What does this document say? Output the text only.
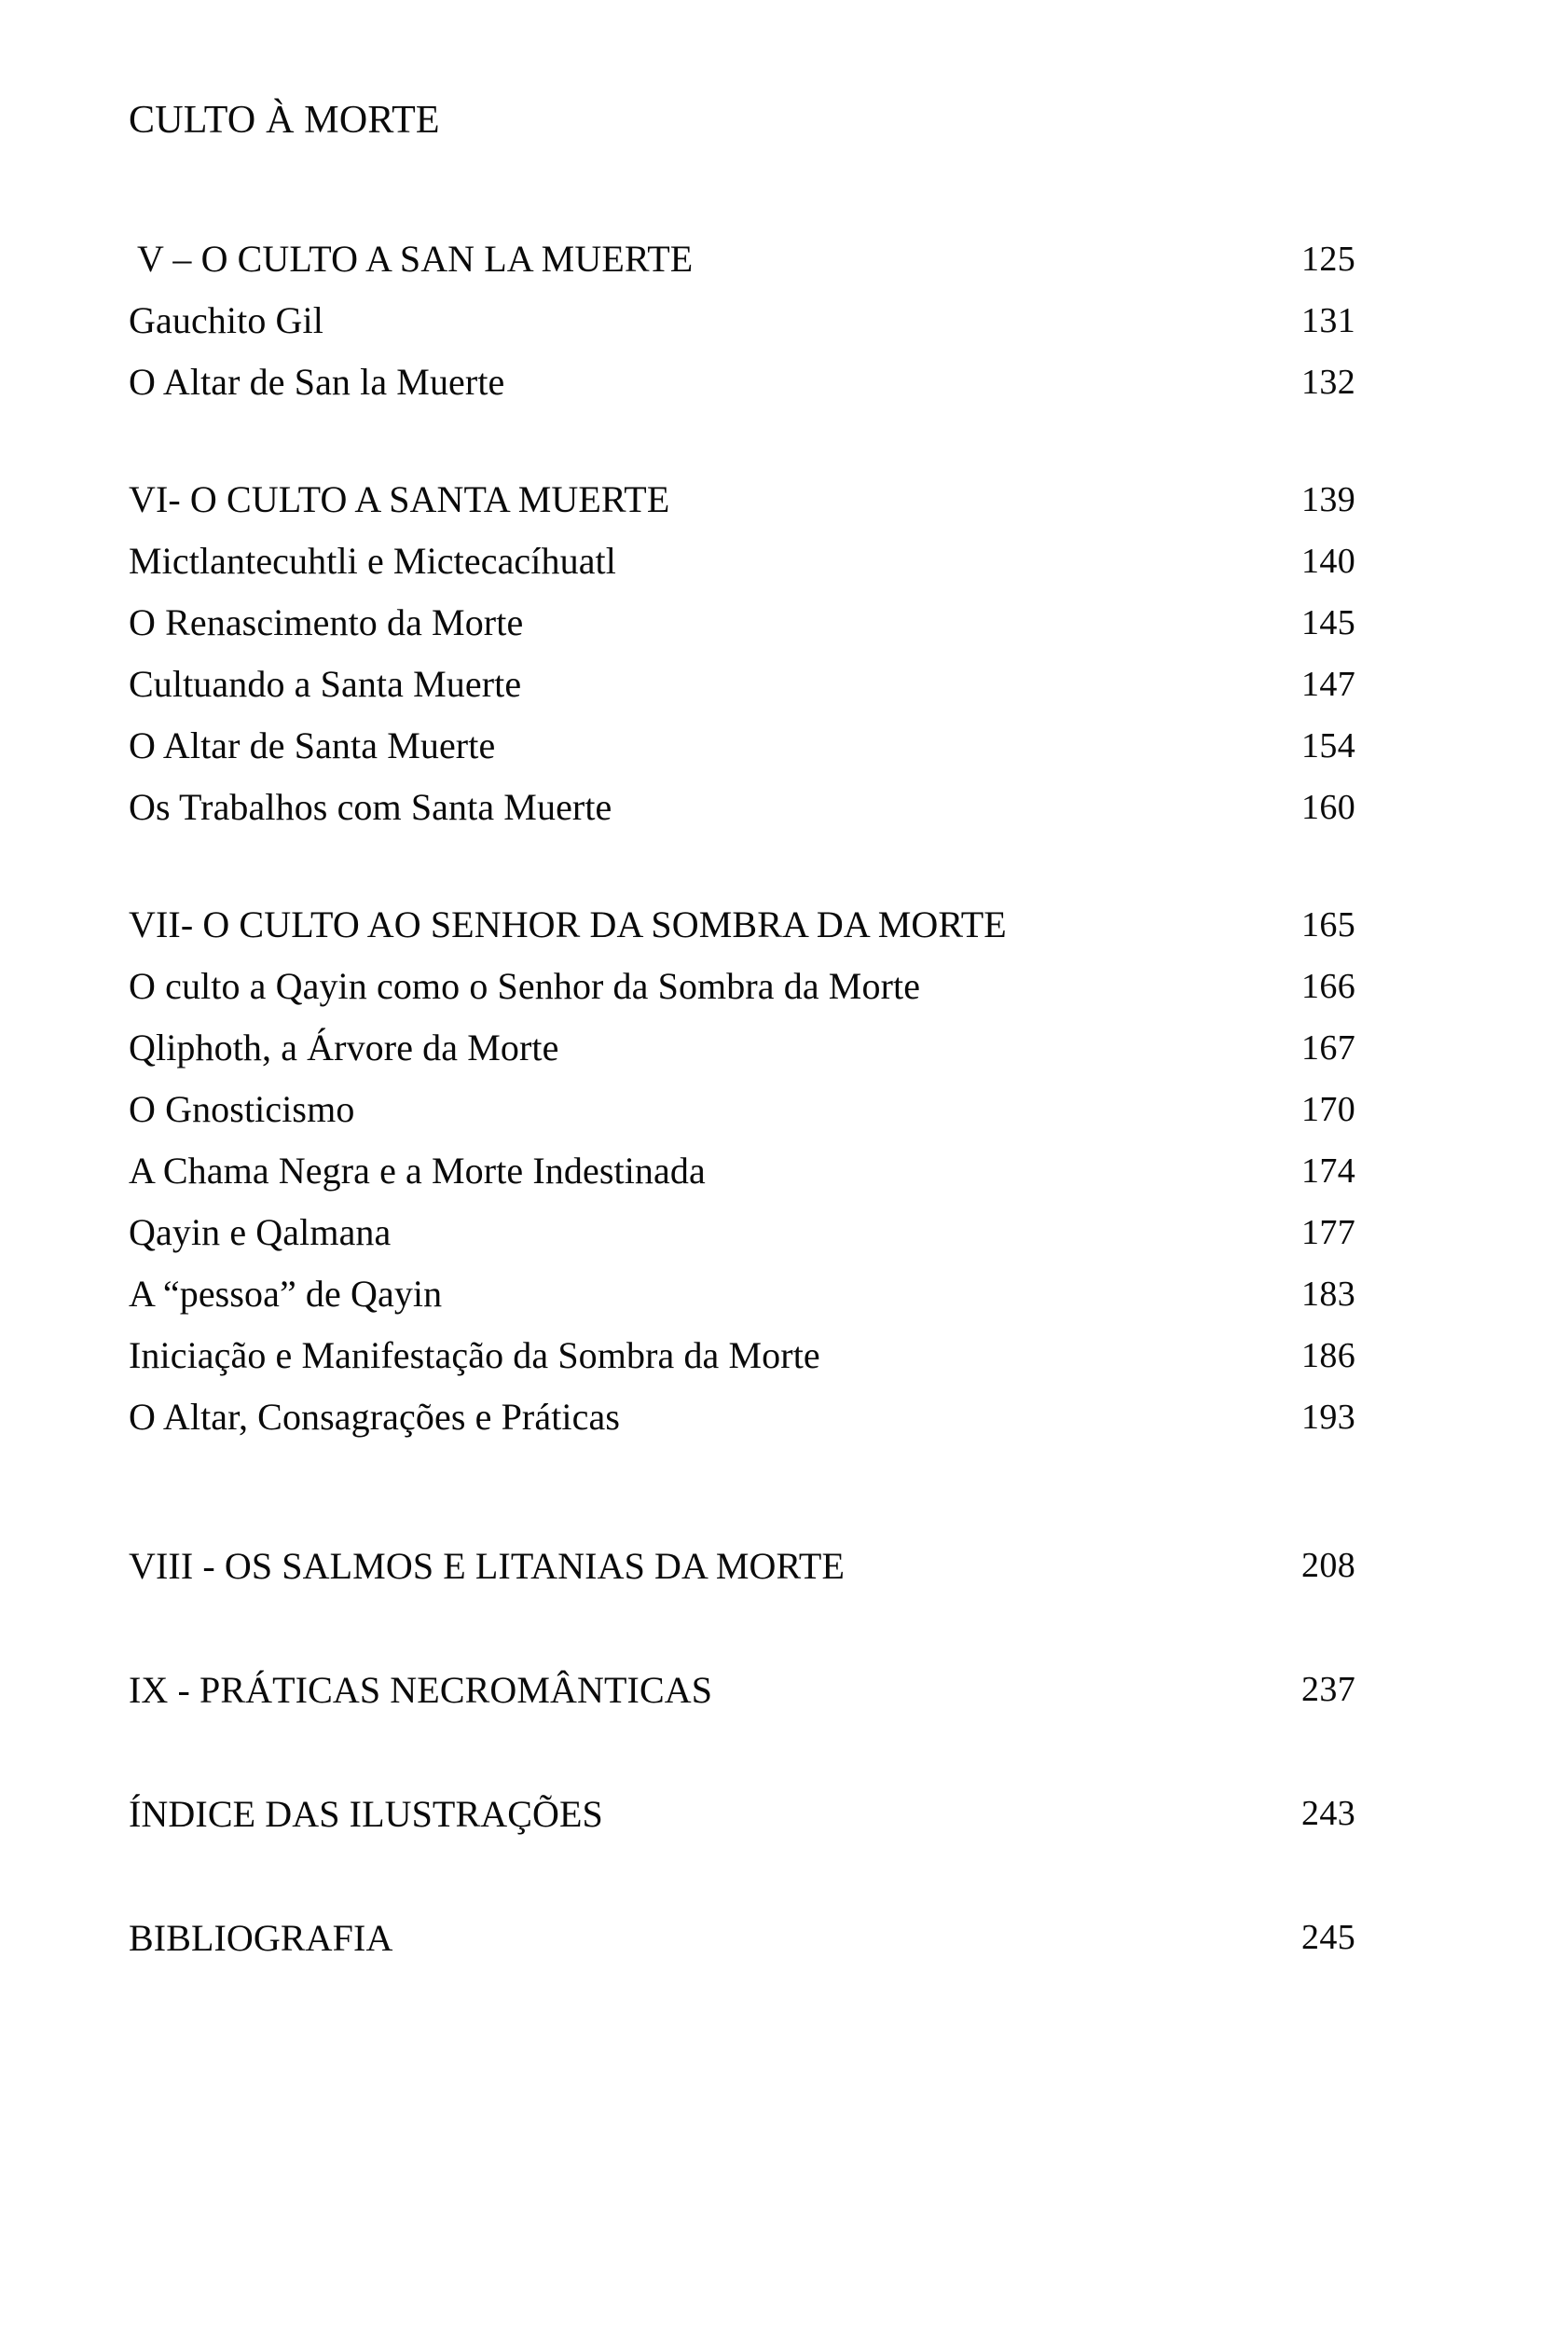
CULTO À MORTE
V – O CULTO A SAN LA MUERTE	125
Gauchito Gil	131
O Altar de San la Muerte	132
VI- O CULTO A SANTA MUERTE	139
Mictlantecuhtli e Mictecacíhuatl	140
O Renascimento da Morte	145
Cultuando a Santa Muerte	147
O Altar de Santa Muerte	154
Os Trabalhos com Santa Muerte	160
VII- O CULTO AO SENHOR DA SOMBRA DA MORTE	165
O culto a Qayin como o Senhor da Sombra da Morte	166
Qliphoth, a Árvore da Morte	167
O Gnosticismo	170
A Chama Negra e a Morte Indestinada	174
Qayin e Qalmana	177
A “pessoa” de Qayin	183
Iniciação e Manifestação da Sombra da Morte	186
O Altar, Consagrações e Práticas	193
VIII - OS SALMOS E LITANIAS DA MORTE	208
IX - PRÁTICAS NECROMÂNTICAS	237
ÍNDICE DAS ILUSTRAÇÕES	243
BIBLIOGRAFIA	245
